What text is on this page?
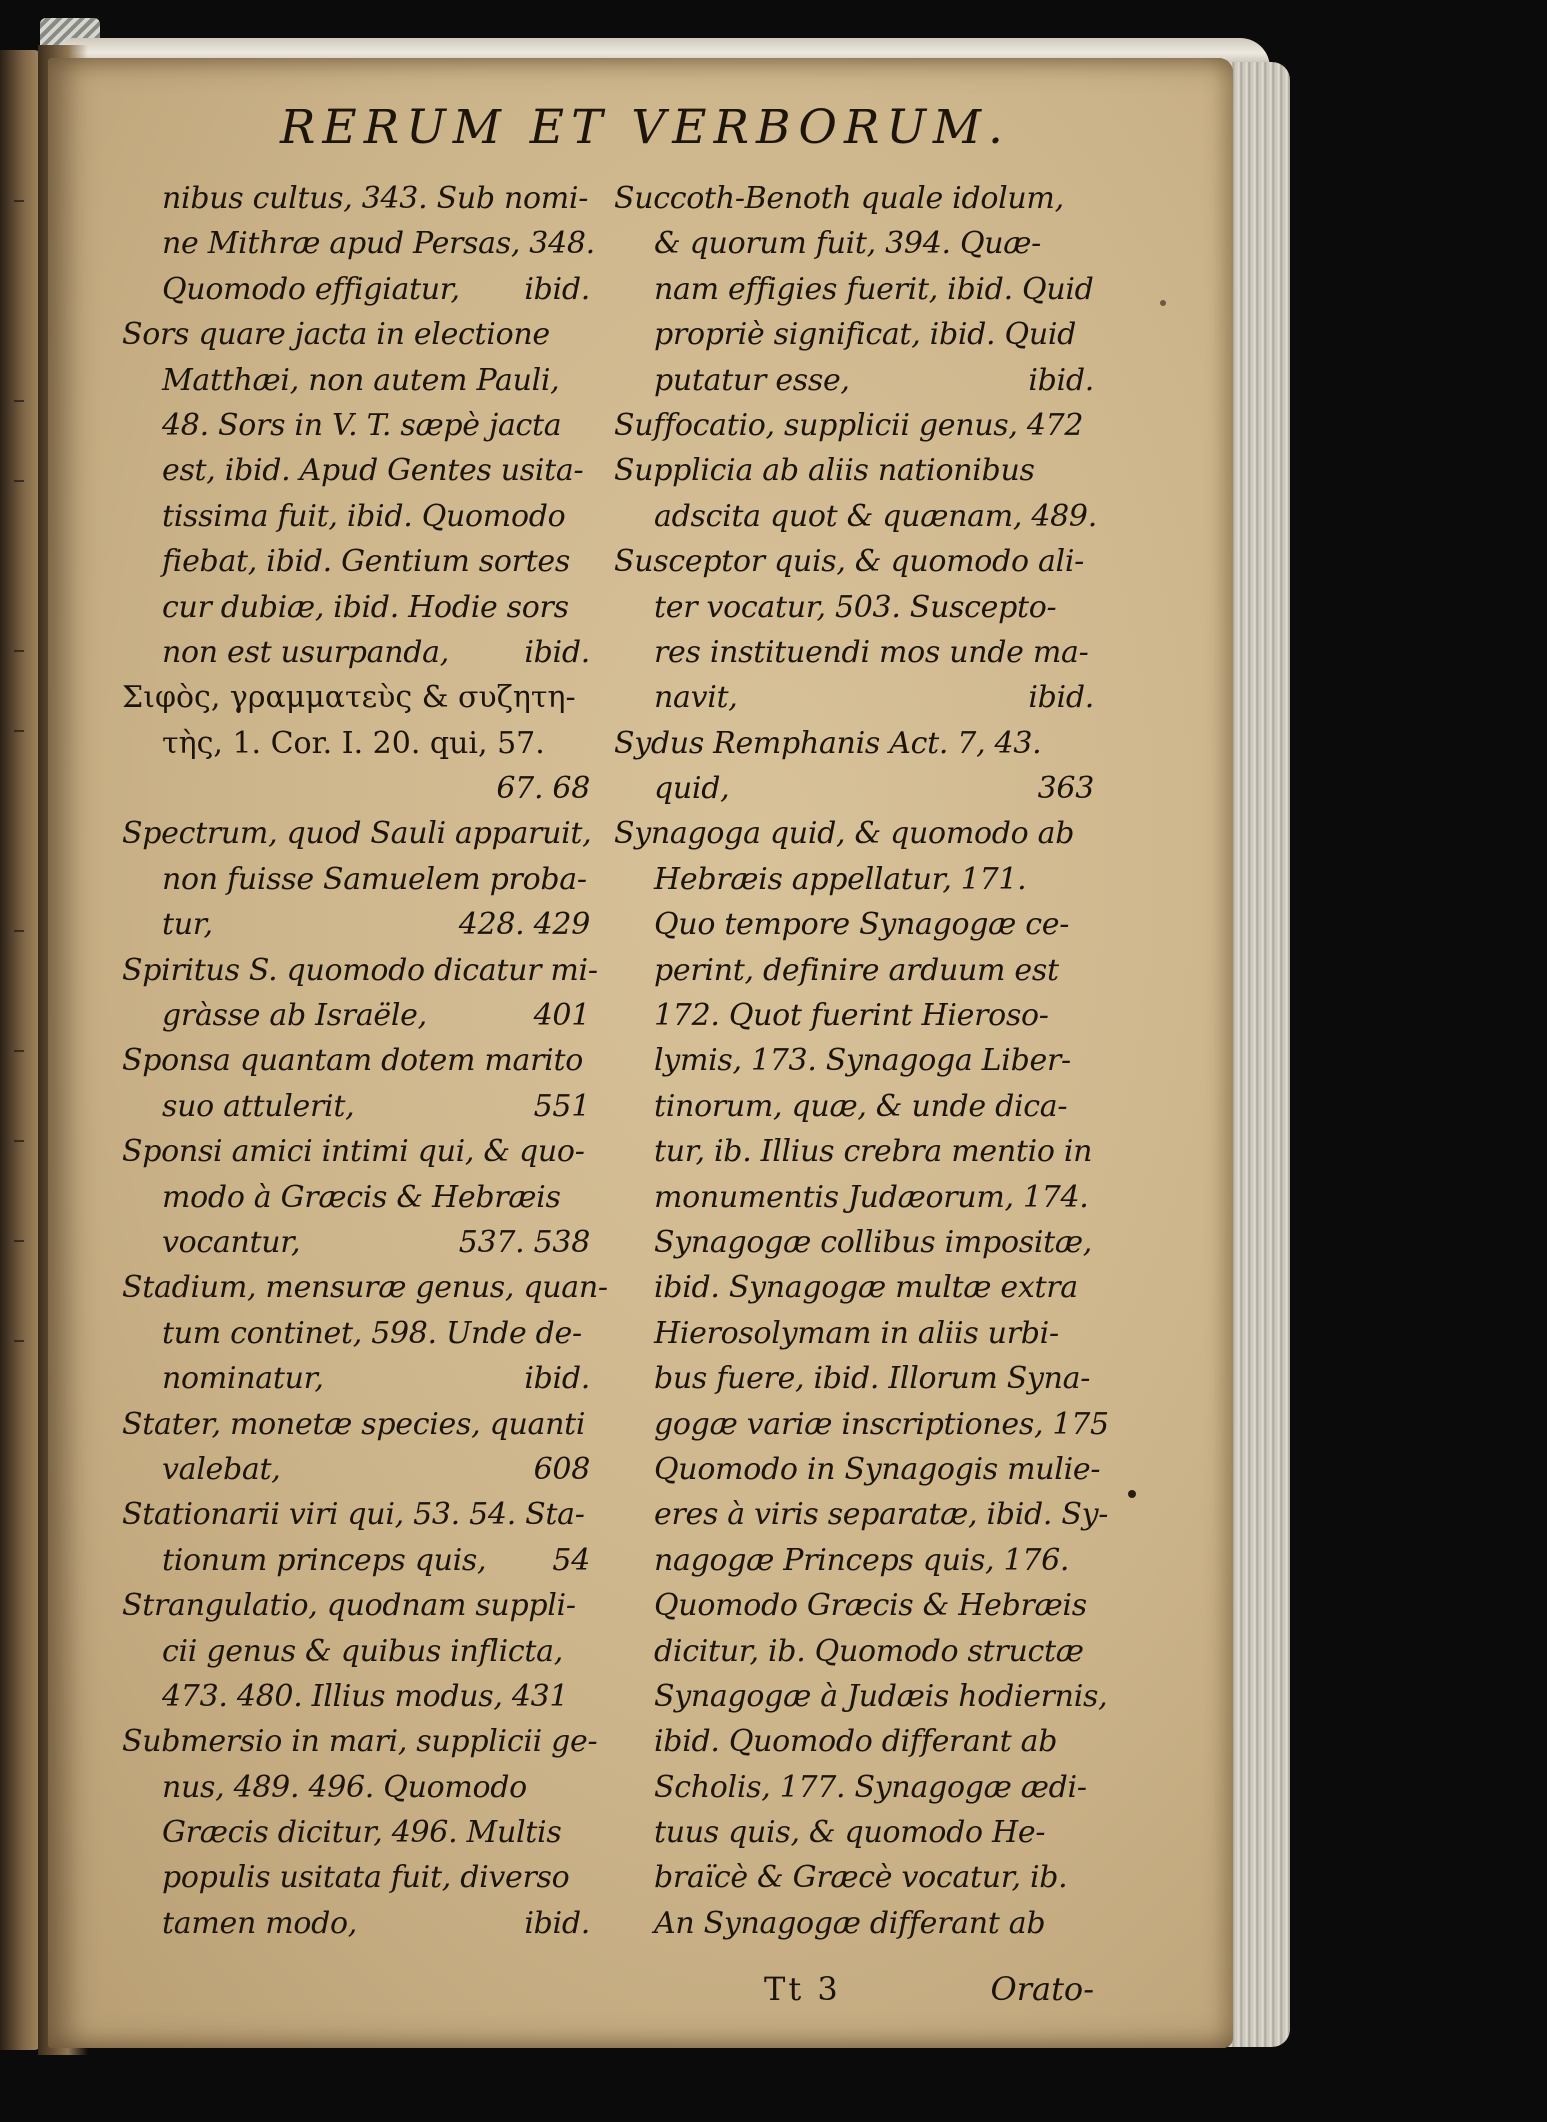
RERUM ET VERBORUM.
nibus cultus, 343. Sub nomi-
ne Mithræ apud Persas, 348.
ibid.
Quomodo effigiatur,
Sors quare jacta in electione
Matthæi, non autem Pauli,
48. Sors in V. T. sæpè jacta
est, ibid. Apud Gentes usita-
tissima fuit, ibid. Quomodo
fiebat, ibid. Gentium sortes
cur dubiæ, ibid. Hodie sors
ibid.
non est usurpanda,
Σιφὸς, γραμματεὺς & συζητη-
τὴς, 1. Cor. I. 20. qui, 57.
67. 68
Spectrum, quod Sauli apparuit,
non fuisse Samuelem proba-
428. 429
tur,
Spiritus S. quomodo dicatur mi-
401
gràsse ab Israële,
Sponsa quantam dotem marito
551
suo attulerit,
Sponsi amici intimi qui, & quo-
modo à Græcis & Hebræis
537. 538
vocantur,
Stadium, mensuræ genus, quan-
tum continet, 598. Unde de-
ibid.
nominatur,
Stater, monetæ species, quanti
608
valebat,
Stationarii viri qui, 53. 54. Sta-
54
tionum princeps quis,
Strangulatio, quodnam suppli-
cii genus & quibus inflicta,
473. 480. Illius modus, 431
Submersio in mari, supplicii ge-
nus, 489. 496. Quomodo
Græcis dicitur, 496. Multis
populis usitata fuit, diverso
ibid.
tamen modo,
Succoth-Benoth quale idolum,
& quorum fuit, 394. Quæ-
nam effigies fuerit, ibid. Quid
propriè significat, ibid. Quid
ibid.
putatur esse,
Suffocatio, supplicii genus, 472
Supplicia ab aliis nationibus
adscita quot & quænam, 489.
Susceptor quis, & quomodo ali-
ter vocatur, 503. Suscepto-
res instituendi mos unde ma-
ibid.
navit,
Sydus Remphanis Act. 7, 43.
363
quid,
Synagoga quid, & quomodo ab
Hebræis appellatur, 171.
Quo tempore Synagogæ ce-
perint, definire arduum est
172. Quot fuerint Hieroso-
lymis, 173. Synagoga Liber-
tinorum, quæ, & unde dica-
tur, ib. Illius crebra mentio in
monumentis Judæorum, 174.
Synagogæ collibus impositæ,
ibid. Synagogæ multæ extra
Hierosolymam in aliis urbi-
bus fuere, ibid. Illorum Syna-
gogæ variæ inscriptiones, 175
Quomodo in Synagogis mulie-
eres à viris separatæ, ibid. Sy-
nagogæ Princeps quis, 176.
Quomodo Græcis & Hebræis
dicitur, ib. Quomodo structæ
Synagogæ à Judæis hodiernis,
ibid. Quomodo differant ab
Scholis, 177. Synagogæ ædi-
tuus quis, & quomodo He-
braïcè & Græcè vocatur, ib.
An Synagogæ differant ab
Tt 3	Orato-
